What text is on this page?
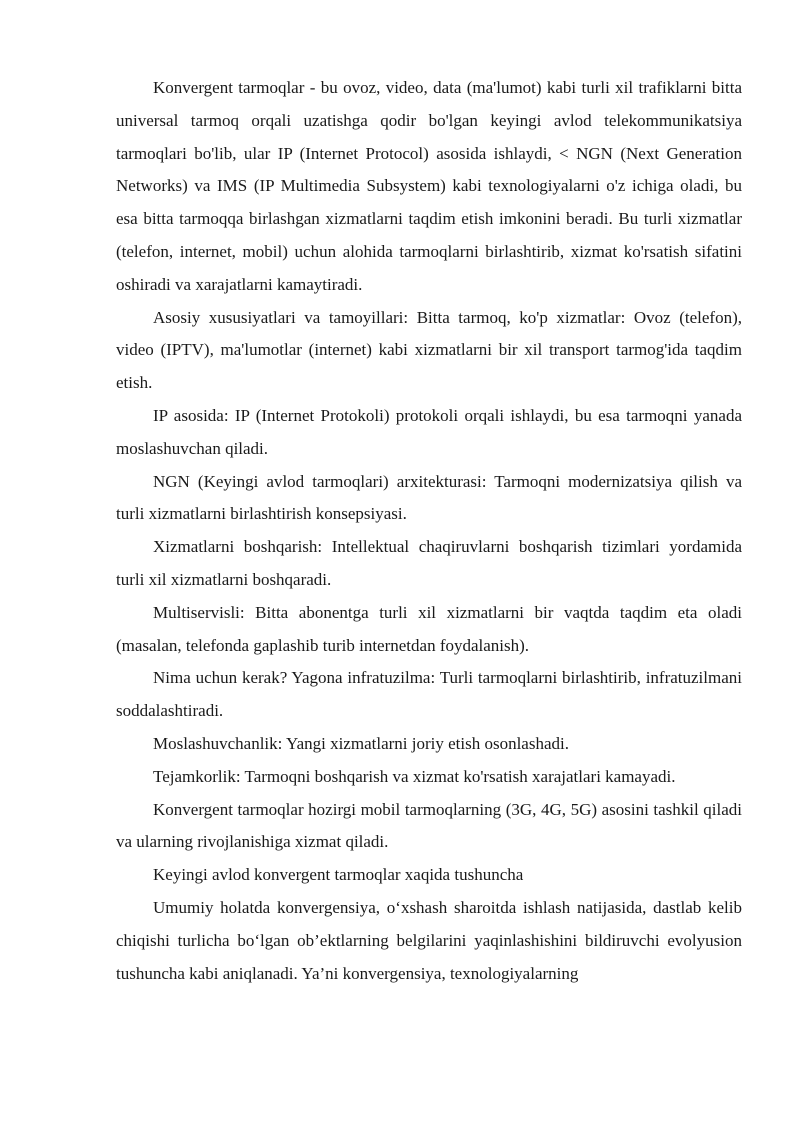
Konvergent tarmoqlar - bu ovoz, video, data (ma'lumot) kabi turli xil trafiklarni bitta universal tarmoq orqali uzatishga qodir bo'lgan keyingi avlod telekommunikatsiya tarmoqlari bo'lib, ular IP (Internet Protocol) asosida ishlaydi, < NGN (Next Generation Networks) va IMS (IP Multimedia Subsystem) kabi texnologiyalarni o'z ichiga oladi, bu esa bitta tarmoqqa birlashgan xizmatlarni taqdim etish imkonini beradi. Bu turli xizmatlar (telefon, internet, mobil) uchun alohida tarmoqlarni birlashtirib, xizmat ko'rsatish sifatini oshiradi va xarajatlarni kamaytiradi.

Asosiy xususiyatlari va tamoyillari: Bitta tarmoq, ko'p xizmatlar: Ovoz (telefon), video (IPTV), ma'lumotlar (internet) kabi xizmatlarni bir xil transport tarmog'ida taqdim etish.

IP asosida: IP (Internet Protokoli) protokoli orqali ishlaydi, bu esa tarmoqni yanada moslashuvchan qiladi.

NGN (Keyingi avlod tarmoqlari) arxitekturasi: Tarmoqni modernizatsiya qilish va turli xizmatlarni birlashtirish konsepsiyasi.

Xizmatlarni boshqarish: Intellektual chaqiruvlarni boshqarish tizimlari yordamida turli xil xizmatlarni boshqaradi.

Multiservisli: Bitta abonentga turli xil xizmatlarni bir vaqtda taqdim eta oladi (masalan, telefonda gaplashib turib internetdan foydalanish).

Nima uchun kerak? Yagona infratuzilma: Turli tarmoqlarni birlashtirib, infratuzilmani soddalashtiradi.

Moslashuvchanlik: Yangi xizmatlarni joriy etish osonlashadi.

Tejamkorlik: Tarmoqni boshqarish va xizmat ko'rsatish xarajatlari kamayadi.

Konvergent tarmoqlar hozirgi mobil tarmoqlarning (3G, 4G, 5G) asosini tashkil qiladi va ularning rivojlanishiga xizmat qiladi.

Keyingi avlod konvergent tarmoqlar xaqida tushuncha

Umumiy holatda konvergensiya, o‘xshash sharoitda ishlash natijasida, dastlab kelib chiqishi turlicha bo‘lgan ob’ektlarning belgilarini yaqinlashishini bildiruvchi evolyusion tushuncha kabi aniqlanadi. Ya’ni konvergensiya, texnologiyalarning
